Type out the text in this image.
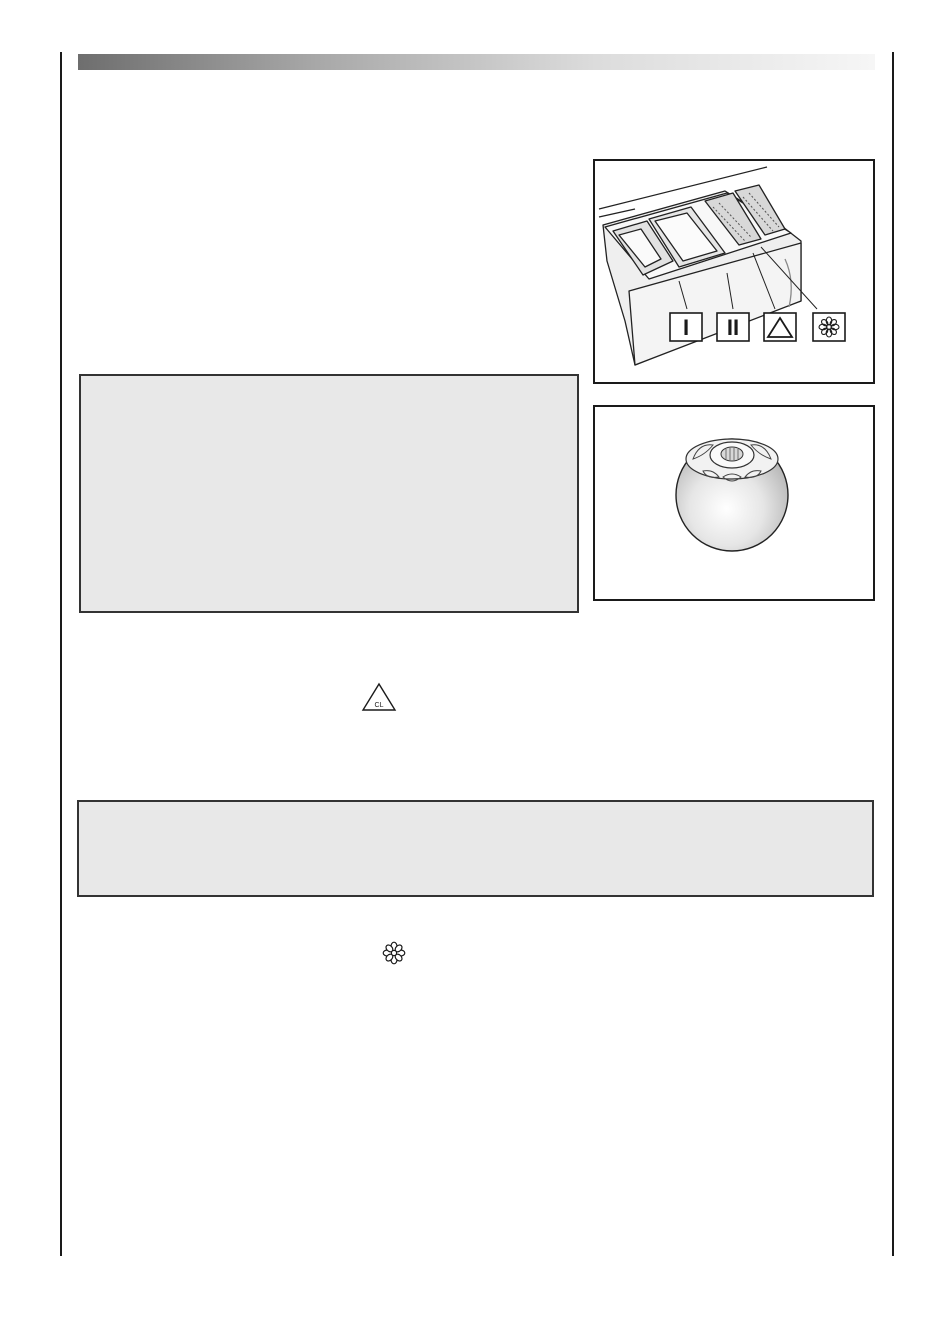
I II
CL
